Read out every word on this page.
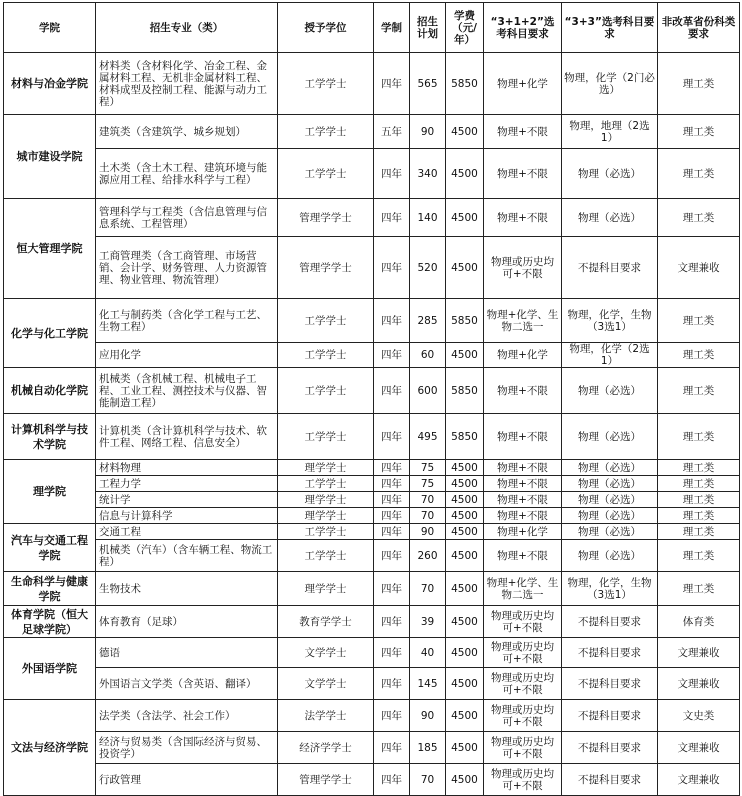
学院	招生专业（类）	授予学位	学制	招生计划	学费（元/年）	“3+1+2”选考科目要求	“3+3”选考科目要求	非改革省份科类要求
材料与冶金学院	材料类（含材料化学、冶金工程、金属材料工程、无机非金属材料工程、材料成型及控制工程、能源与动力工程）	工学学士	四年	565	5850	物理+化学	物理，化学（2门必选）	理工类
城市建设学院	建筑类（含建筑学、城乡规划）	工学学士	五年	90	4500	物理+不限	物理，地理（2选1）	理工类
	土木类（含土木工程、建筑环境与能源应用工程、给排水科学与工程）	工学学士	四年	340	4500	物理+不限	物理（必选）	理工类
恒大管理学院	管理科学与工程类（含信息管理与信息系统、工程管理）	管理学学士	四年	140	4500	物理+不限	物理（必选）	理工类
	工商管理类（含工商管理、市场营销、会计学、财务管理、人力资源管理、物业管理、物流管理）	管理学学士	四年	520	4500	物理或历史均可+不限	不提科目要求	文理兼收
化学与化工学院	化工与制药类（含化学工程与工艺、生物工程）	工学学士	四年	285	5850	物理+化学、生物二选一	物理，化学，生物（3选1）	理工类
	应用化学	工学学士	四年	60	4500	物理+化学	物理，化学（2选1）	理工类
机械自动化学院	机械类（含机械工程、机械电子工程、工业工程、测控技术与仪器、智能制造工程）	工学学士	四年	600	5850	物理+不限	物理（必选）	理工类
计算机科学与技术学院	计算机类（含计算机科学与技术、软件工程、网络工程、信息安全）	工学学士	四年	495	5850	物理+不限	物理（必选）	理工类
理学院	材料物理	理学学士	四年	75	4500	物理+不限	物理（必选）	理工类
	工程力学	工学学士	四年	75	4500	物理+不限	物理（必选）	理工类
	统计学	理学学士	四年	70	4500	物理+不限	物理（必选）	理工类
	信息与计算科学	理学学士	四年	70	4500	物理+不限	物理（必选）	理工类
汽车与交通工程学院	交通工程	工学学士	四年	90	4500	物理+化学	物理（必选）	理工类
	机械类（汽车）（含车辆工程、物流工程）	工学学士	四年	260	4500	物理+不限	物理（必选）	理工类
生命科学与健康学院	生物技术	理学学士	四年	70	4500	物理+化学、生物二选一	物理，化学，生物（3选1）	理工类
体育学院（恒大足球学院）	体育教育（足球）	教育学学士	四年	39	4500	物理或历史均可+不限	不提科目要求	体育类
外国语学院	德语	文学学士	四年	40	4500	物理或历史均可+不限	不提科目要求	文理兼收
	外国语言文学类（含英语、翻译）	文学学士	四年	145	4500	物理或历史均可+不限	不提科目要求	文理兼收
文法与经济学院	法学类（含法学、社会工作）	法学学士	四年	90	4500	物理或历史均可+不限	不提科目要求	文史类
	经济与贸易类（含国际经济与贸易、投资学）	经济学学士	四年	185	4500	物理或历史均可+不限	不提科目要求	文理兼收
	行政管理	管理学学士	四年	70	4500	物理或历史均可+不限	不提科目要求	文理兼收
